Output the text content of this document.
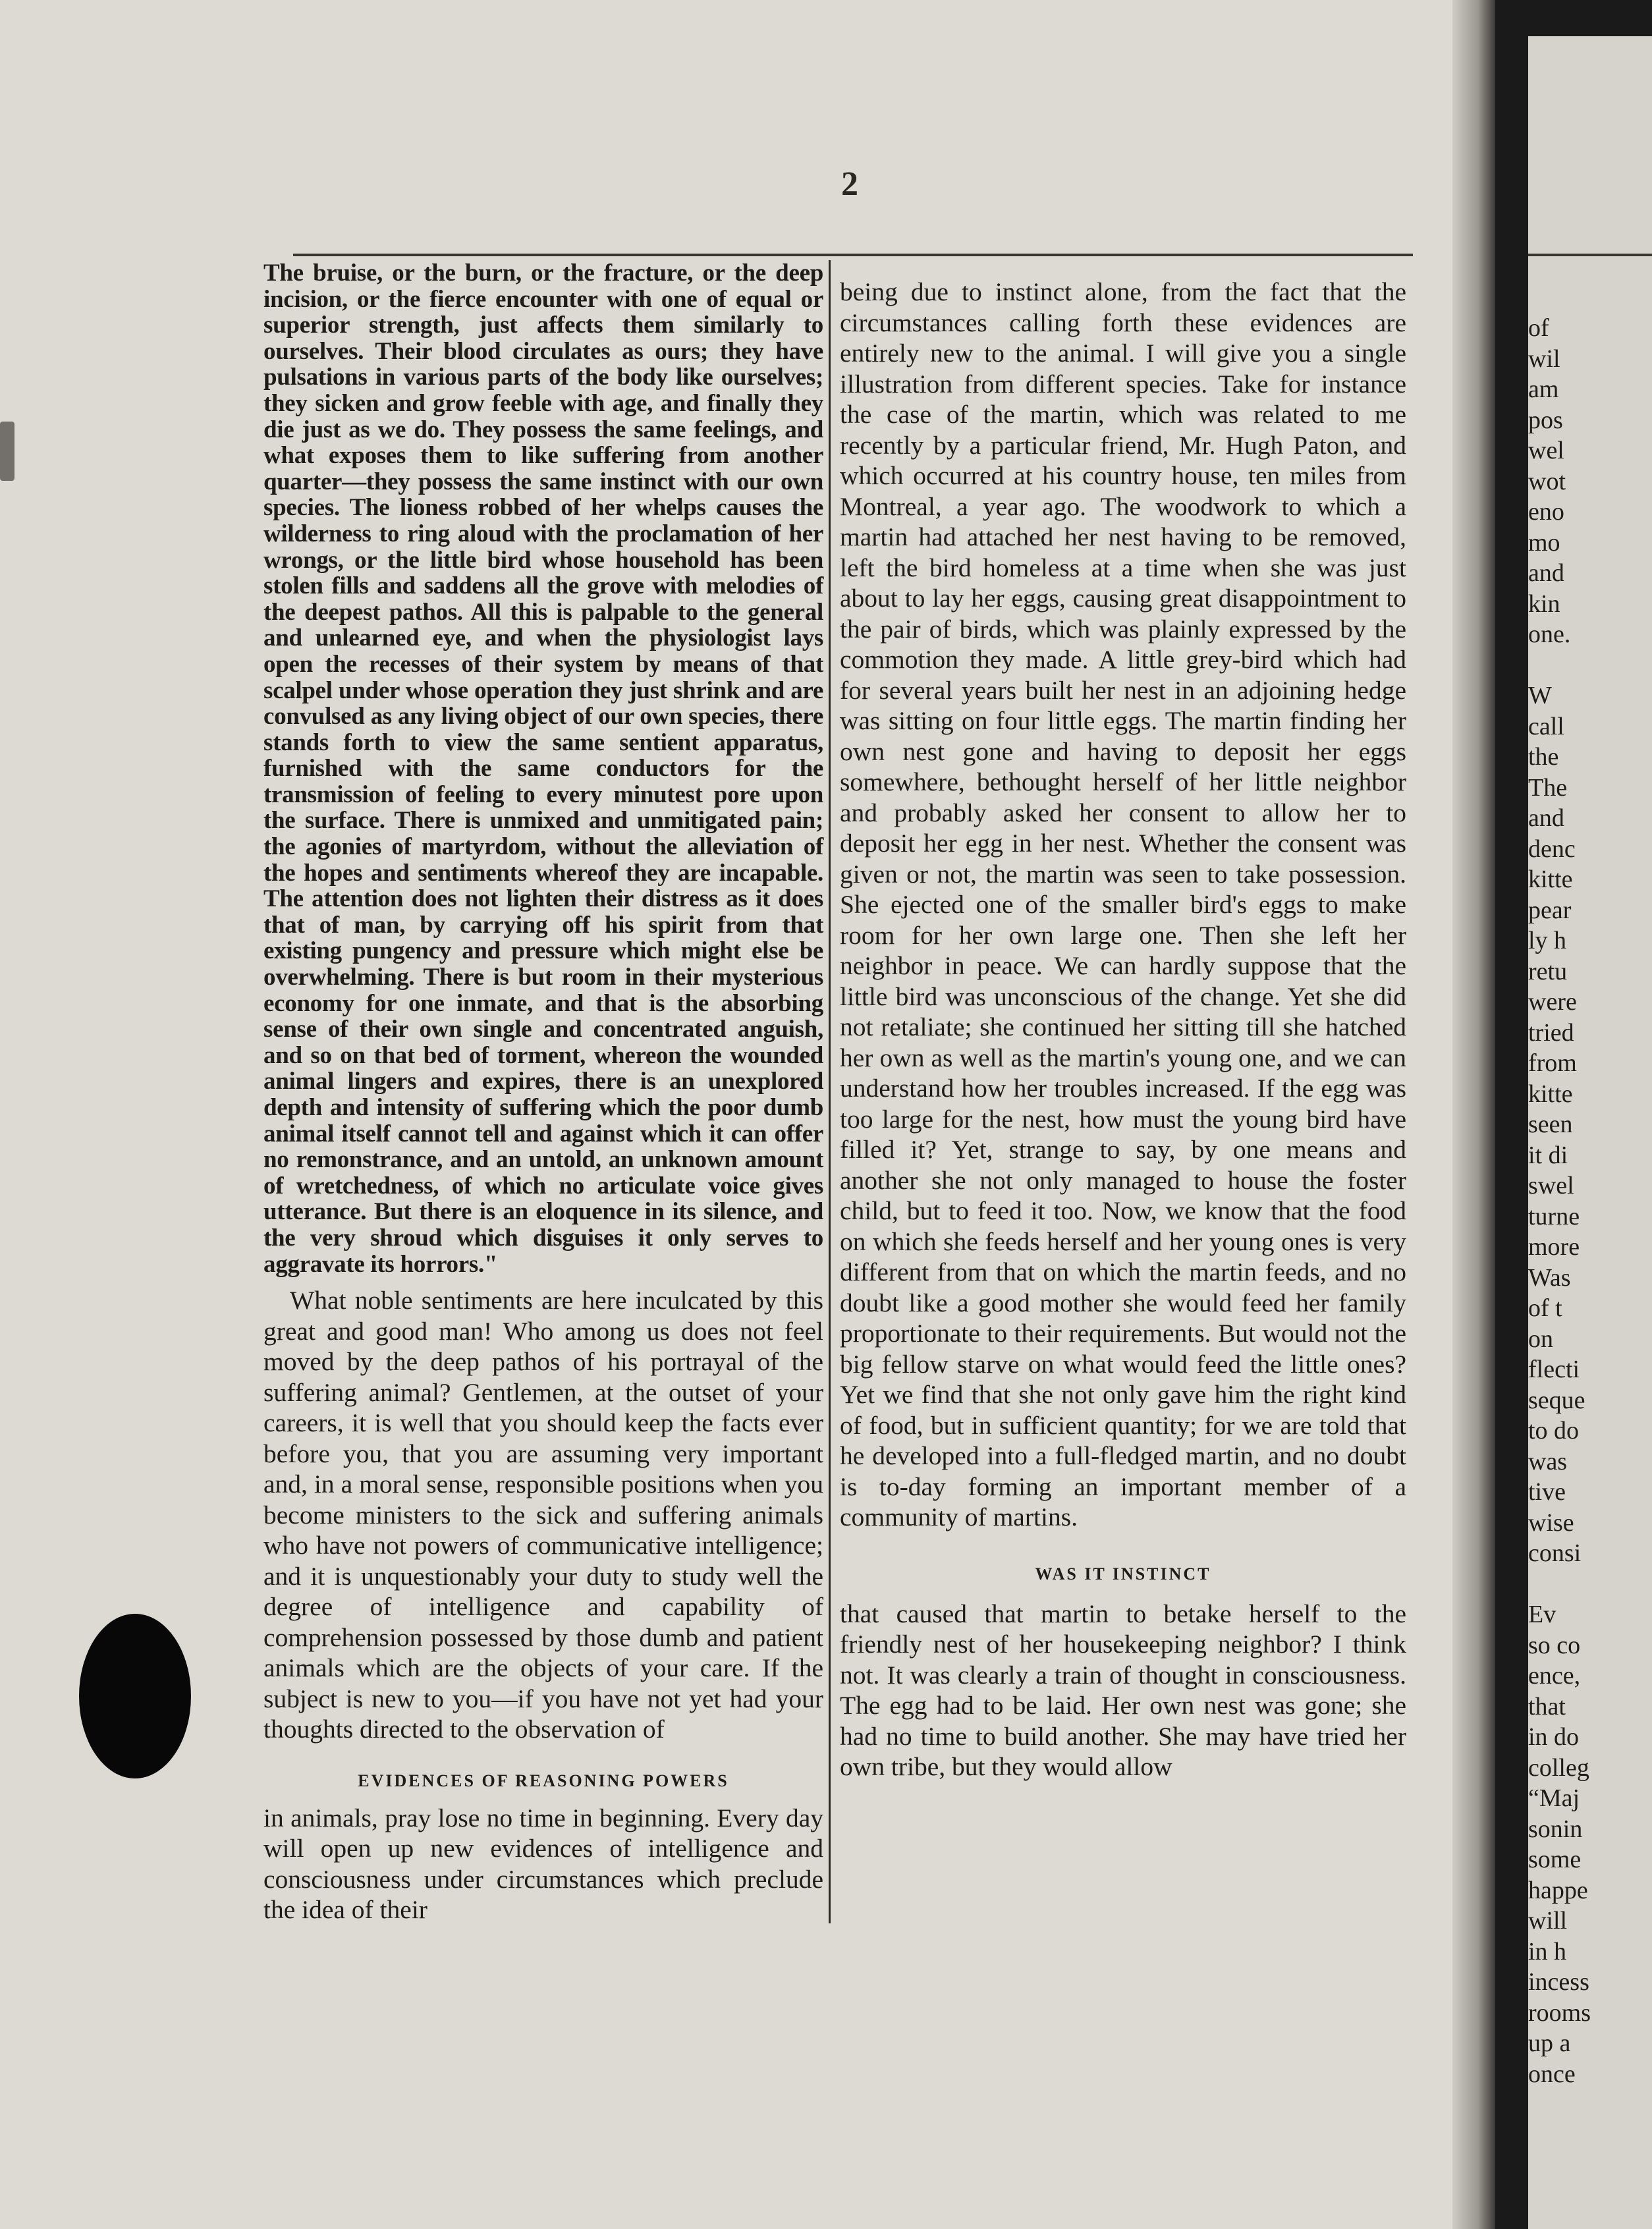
2

The bruise, or the burn, or the fracture, or the deep incision, or the fierce encounter with one of equal or superior strength, just affects them similarly to ourselves. Their blood circulates as ours; they have pulsations in various parts of the body like ourselves; they sicken and grow feeble with age, and finally they die just as we do. They possess the same feelings, and what exposes them to like suffering from another quarter—they possess the same instinct with our own species. The lioness robbed of her whelps causes the wilderness to ring aloud with the proclamation of her wrongs, or the little bird whose household has been stolen fills and saddens all the grove with melodies of the deepest pathos. All this is palpable to the general and unlearned eye, and when the physiologist lays open the recesses of their system by means of that scalpel under whose operation they just shrink and are convulsed as any living object of our own species, there stands forth to view the same sentient apparatus, furnished with the same conductors for the transmission of feeling to every minutest pore upon the surface. There is unmixed and unmitigated pain; the agonies of martyrdom, without the alleviation of the hopes and sentiments whereof they are incapable. The attention does not lighten their distress as it does that of man, by carrying off his spirit from that existing pungency and pressure which might else be overwhelming. There is but room in their mysterious economy for one inmate, and that is the absorbing sense of their own single and concentrated anguish, and so on that bed of torment, whereon the wounded animal lingers and expires, there is an unexplored depth and intensity of suffering which the poor dumb animal itself cannot tell and against which it can offer no remonstrance, and an untold, an unknown amount of wretchedness, of which no articulate voice gives utterance. But there is an eloquence in its silence, and the very shroud which disguises it only serves to aggravate its horrors."

What noble sentiments are here inculcated by this great and good man! Who among us does not feel moved by the deep pathos of his portrayal of the suffering animal? Gentlemen, at the outset of your careers, it is well that you should keep the facts ever before you, that you are assuming very important and, in a moral sense, responsible positions when you become ministers to the sick and suffering animals who have not powers of communicative intelligence; and it is unquestionably your duty to study well the degree of intelligence and capability of comprehension possessed by those dumb and patient animals which are the objects of your care. If the subject is new to you—if you have not yet had your thoughts directed to the observation of

EVIDENCES OF REASONING POWERS

in animals, pray lose no time in beginning. Every day will open up new evidences of intelligence and consciousness under circumstances which preclude the idea of their

being due to instinct alone, from the fact that the circumstances calling forth these evidences are entirely new to the animal. I will give you a single illustration from different species. Take for instance the case of the martin, which was related to me recently by a particular friend, Mr. Hugh Paton, and which occurred at his country house, ten miles from Montreal, a year ago. The woodwork to which a martin had attached her nest having to be removed, left the bird homeless at a time when she was just about to lay her eggs, causing great disappointment to the pair of birds, which was plainly expressed by the commotion they made. A little grey-bird which had for several years built her nest in an adjoining hedge was sitting on four little eggs. The martin finding her own nest gone and having to deposit her eggs somewhere, bethought herself of her little neighbor and probably asked her consent to allow her to deposit her egg in her nest. Whether the consent was given or not, the martin was seen to take possession. She ejected one of the smaller bird's eggs to make room for her own large one. Then she left her neighbor in peace. We can hardly suppose that the little bird was unconscious of the change. Yet she did not retaliate; she continued her sitting till she hatched her own as well as the martin's young one, and we can understand how her troubles increased. If the egg was too large for the nest, how must the young bird have filled it? Yet, strange to say, by one means and another she not only managed to house the foster child, but to feed it too. Now, we know that the food on which she feeds herself and her young ones is very different from that on which the martin feeds, and no doubt like a good mother she would feed her family proportionate to their requirements. But would not the big fellow starve on what would feed the little ones? Yet we find that she not only gave him the right kind of food, but in sufficient quantity; for we are told that he developed into a full-fledged martin, and no doubt is to-day forming an important member of a community of martins.

WAS IT INSTINCT

that caused that martin to betake herself to the friendly nest of her housekeeping neighbor? I think not. It was clearly a train of thought in consciousness. The egg had to be laid. Her own nest was gone; she had no time to build another. She may have tried her own tribe, but they would allow

of
wil
am
pos
wel
wot
eno
mo
and
kin
one.
W
call
the
The
and
denc
kitte
pear
ly h
retu
were
tried
from
kitte
seen
it di
swel
turne
more
Was
of t
on
flecti
seque
to do
was
tive
wise
consi
Ev
so co
ence,
that
in do
colleg
“Maj
sonin
some
happe
will
in h
incess
rooms
up a
once
